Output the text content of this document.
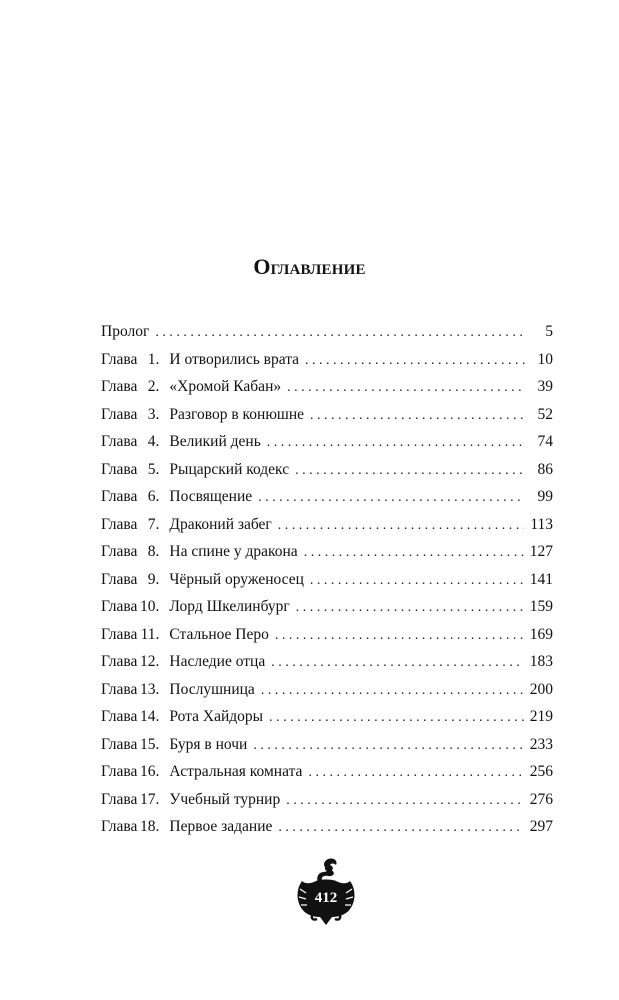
Оглавление
Пролог . . .	5
Глава 1. И отворились врата . . .	10
Глава 2. «Хромой Кабан» . . .	39
Глава 3. Разговор в конюшне . . .	52
Глава 4. Великий день . . .	74
Глава 5. Рыцарский кодекс . . .	86
Глава 6. Посвящение . . .	99
Глава 7. Драконий забег . . .	113
Глава 8. На спине у дракона . . .	127
Глава 9. Чёрный оруженосец . . .	141
Глава 10. Лорд Шкелинбург . . .	159
Глава 11. Стальное Перо . . .	169
Глава 12. Наследие отца . . .	183
Глава 13. Послушница . . .	200
Глава 14. Рота Хайдоры . . .	219
Глава 15. Буря в ночи . . .	233
Глава 16. Астральная комната . . .	256
Глава 17. Учебный турнир . . .	276
Глава 18. Первое задание . . .	297
412
